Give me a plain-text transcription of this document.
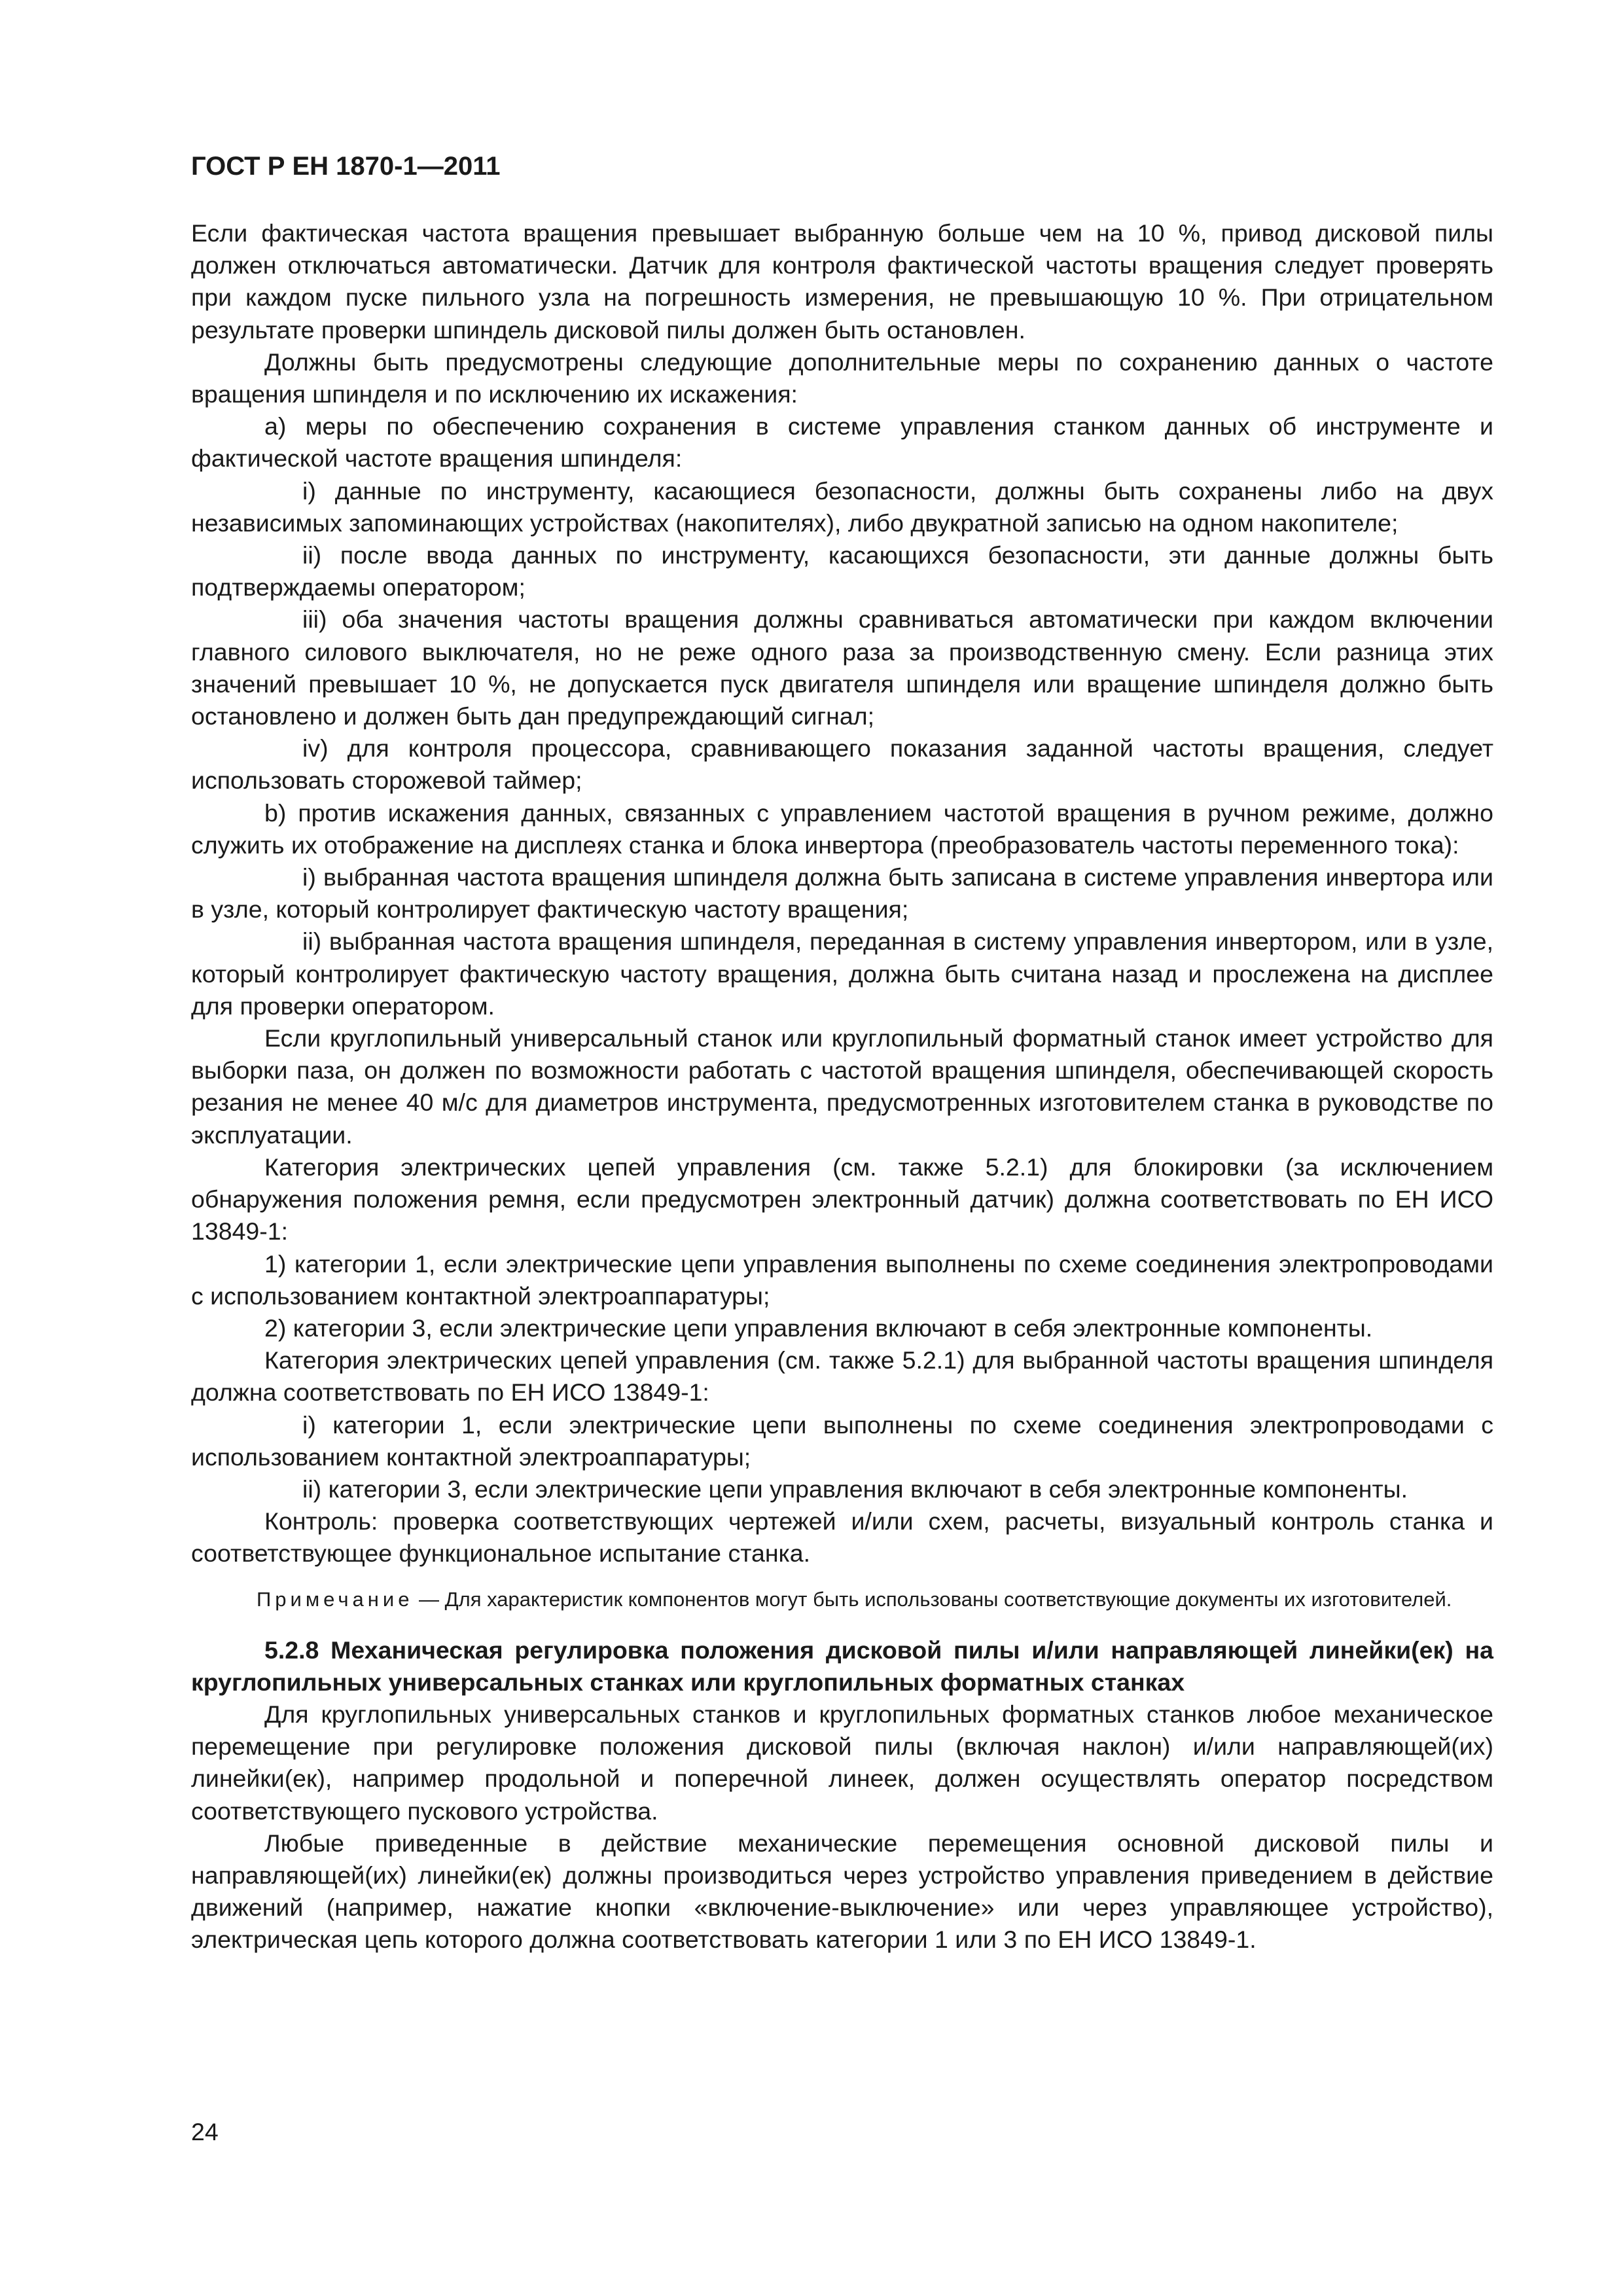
ГОСТ Р ЕН 1870-1—2011

Если фактическая частота вращения превышает выбранную больше чем на 10 %, привод дисковой пилы должен отключаться автоматически. Датчик для контроля фактической частоты вращения следует проверять при каждом пуске пильного узла на погрешность измерения, не превышающую 10 %. При отрицательном результате проверки шпиндель дисковой пилы должен быть остановлен.

Должны быть предусмотрены следующие дополнительные меры по сохранению данных о частоте вращения шпинделя и по исключению их искажения:

a) меры по обеспечению сохранения в системе управления станком данных об инструменте и фактической частоте вращения шпинделя:

i) данные по инструменту, касающиеся безопасности, должны быть сохранены либо на двух независимых запоминающих устройствах (накопителях), либо двукратной записью на одном накопителе;

ii) после ввода данных по инструменту, касающихся безопасности, эти данные должны быть подтверждаемы оператором;

iii) оба значения частоты вращения должны сравниваться автоматически при каждом включении главного силового выключателя, но не реже одного раза за производственную смену. Если разница этих значений превышает 10 %, не допускается пуск двигателя шпинделя или вращение шпинделя должно быть остановлено и должен быть дан предупреждающий сигнал;

iv) для контроля процессора, сравнивающего показания заданной частоты вращения, следует использовать сторожевой таймер;

b) против искажения данных, связанных с управлением частотой вращения в ручном режиме, должно служить их отображение на дисплеях станка и блока инвертора (преобразователь частоты переменного тока):

i) выбранная частота вращения шпинделя должна быть записана в системе управления инвертора или в узле, который контролирует фактическую частоту вращения;

ii) выбранная частота вращения шпинделя, переданная в систему управления инвертором, или в узле, который контролирует фактическую частоту вращения, должна быть считана назад и прослежена на дисплее для проверки оператором.

Если круглопильный универсальный станок или круглопильный форматный станок имеет устройство для выборки паза, он должен по возможности работать с частотой вращения шпинделя, обеспечивающей скорость резания не менее 40 м/с для диаметров инструмента, предусмотренных изготовителем станка в руководстве по эксплуатации.

Категория электрических цепей управления (см. также 5.2.1) для блокировки (за исключением обнаружения положения ремня, если предусмотрен электронный датчик) должна соответствовать по ЕН ИСО 13849-1:

1) категории 1, если электрические цепи управления выполнены по схеме соединения электропроводами с использованием контактной электроаппаратуры;

2) категории 3, если электрические цепи управления включают в себя электронные компоненты.

Категория электрических цепей управления (см. также 5.2.1) для выбранной частоты вращения шпинделя должна соответствовать по ЕН ИСО 13849-1:

i) категории 1, если электрические цепи выполнены по схеме соединения электропроводами с использованием контактной электроаппаратуры;

ii) категории 3, если электрические цепи управления включают в себя электронные компоненты.

Контроль: проверка соответствующих чертежей и/или схем, расчеты, визуальный контроль станка и соответствующее функциональное испытание станка.

Примечание — Для характеристик компонентов могут быть использованы соответствующие документы их изготовителей.

5.2.8 Механическая регулировка положения дисковой пилы и/или направляющей линейки(ек) на круглопильных универсальных станках или круглопильных форматных станках

Для круглопильных универсальных станков и круглопильных форматных станков любое механическое перемещение при регулировке положения дисковой пилы (включая наклон) и/или направляющей(их) линейки(ек), например продольной и поперечной линеек, должен осуществлять оператор посредством соответствующего пускового устройства.

Любые приведенные в действие механические перемещения основной дисковой пилы и направляющей(их) линейки(ек) должны производиться через устройство управления приведением в действие движений (например, нажатие кнопки «включение-выключение» или через управляющее устройство), электрическая цепь которого должна соответствовать категории 1 или 3 по ЕН ИСО 13849-1.

24
